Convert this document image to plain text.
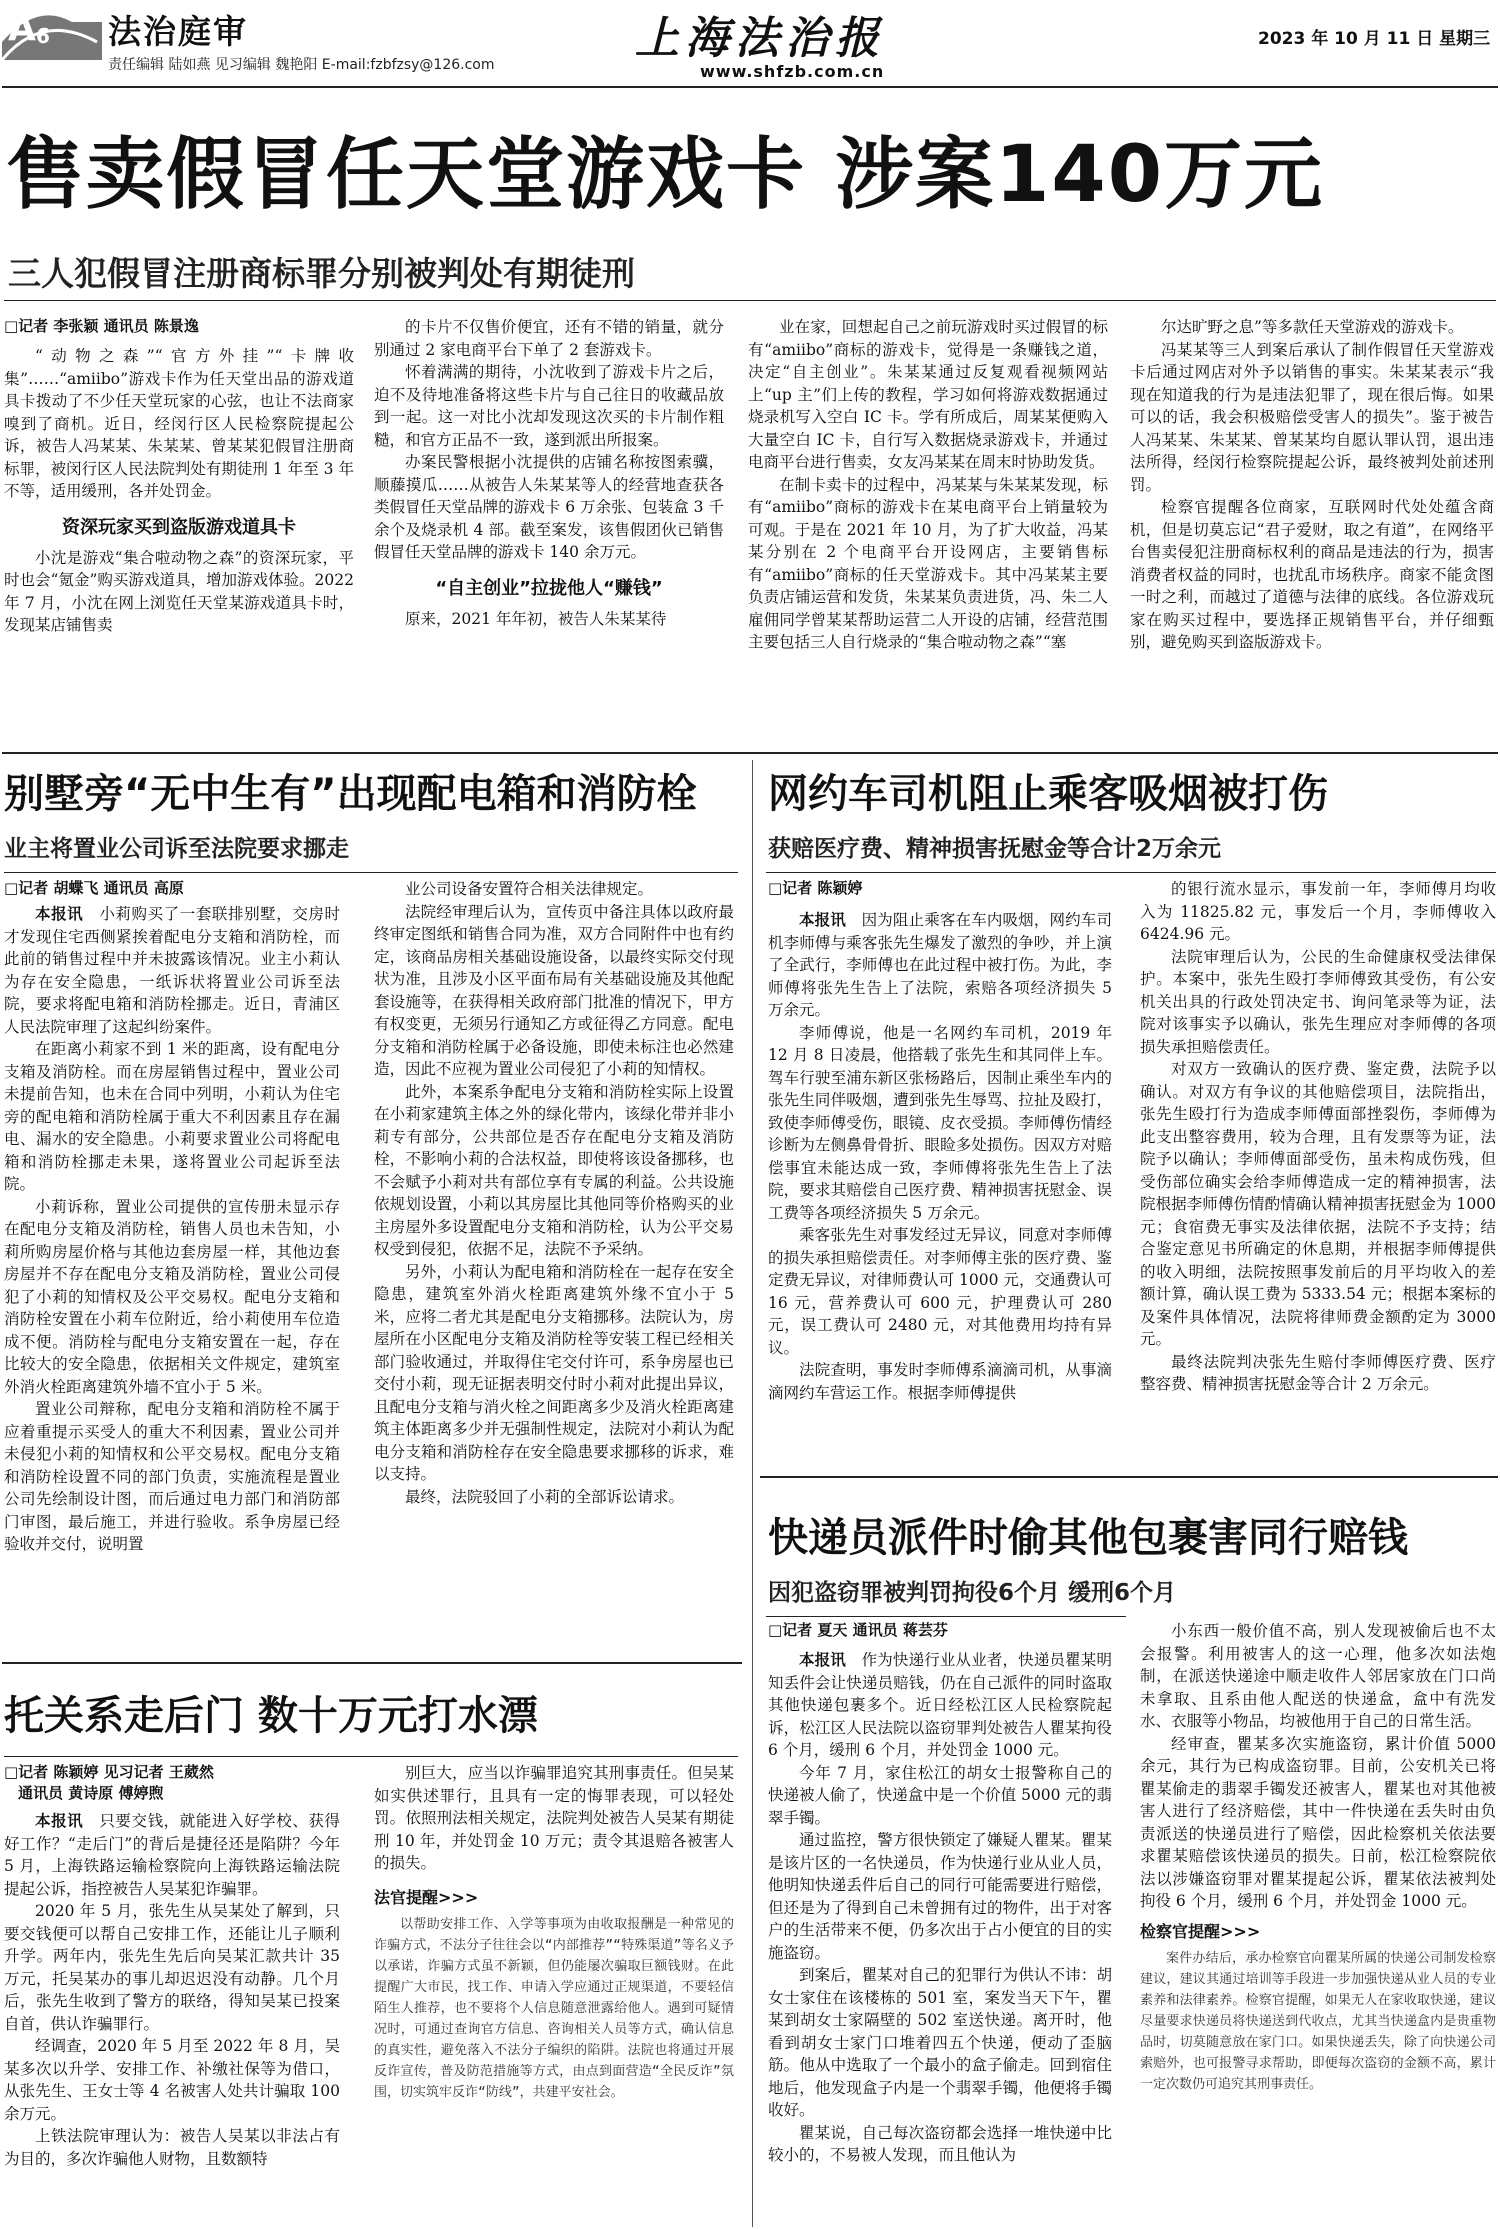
A 6 法治庭审
责任编辑 陆如燕 见习编辑 魏艳阳 E-mail:fzbfzsy@126.com
上海法治报
www.shfzb.com.cn
2023 年 10 月 11 日 星期三
售卖假冒任天堂游戏卡 涉案140万元
三人犯假冒注册商标罪分别被判处有期徒刑
□记者 李张颖 通讯员 陈景逸

“动物之森”“官方外挂”“卡牌收集”……“amiibo”游戏卡作为任天堂出品的游戏道具卡拨动了不少任天堂玩家的心弦，也让不法商家嗅到了商机。近日，经闵行区人民检察院提起公诉，被告人冯某某、朱某某、曾某某犯假冒注册商标罪，被闵行区人民法院判处有期徒刑 1 年至 3 年不等，适用缓刑，各并处罚金。

资深玩家买到盗版游戏道具卡

小沈是游戏“集合啦动物之森”的资深玩家，平时也会“氪金”购买游戏道具，增加游戏体验。2022 年 7 月，小沈在网上浏览任天堂某游戏道具卡时，发现某店铺售卖

的卡片不仅售价便宜，还有不错的销量，就分别通过 2 家电商平台下单了 2 套游戏卡。

怀着满满的期待，小沈收到了游戏卡片之后，迫不及待地准备将这些卡片与自己往日的收藏品放到一起。这一对比小沈却发现这次买的卡片制作粗糙，和官方正品不一致，遂到派出所报案。

办案民警根据小沈提供的店铺名称按图索骥，顺藤摸瓜……从被告人朱某某等人的经营地查获各类假冒任天堂品牌的游戏卡 6 万余张、包装盒 3 千余个及烧录机 4 部。截至案发，该售假团伙已销售假冒任天堂品牌的游戏卡 140 余万元。

“自主创业”拉拢他人“赚钱”

原来，2021 年年初，被告人朱某某待

业在家，回想起自己之前玩游戏时买过假冒的标有“amiibo”商标的游戏卡，觉得是一条赚钱之道，决定“自主创业”。朱某某通过反复观看视频网站上“up 主”们上传的教程，学习如何将游戏数据通过烧录机写入空白 IC 卡。学有所成后，周某某便购入大量空白 IC 卡，自行写入数据烧录游戏卡，并通过电商平台进行售卖，女友冯某某在周末时协助发货。

在制卡卖卡的过程中，冯某某与朱某某发现，标有“amiibo”商标的游戏卡在某电商平台上销量较为可观。于是在 2021 年 10 月，为了扩大收益，冯某某分别在 2 个电商平台开设网店，主要销售标有“amiibo”商标的任天堂游戏卡。其中冯某某主要负责店铺运营和发货，朱某某负责进货，冯、朱二人雇佣同学曾某某帮助运营二人开设的店铺，经营范围主要包括三人自行烧录的“集合啦动物之森”“塞

尔达旷野之息”等多款任天堂游戏的游戏卡。

冯某某等三人到案后承认了制作假冒任天堂游戏卡后通过网店对外予以销售的事实。朱某某表示“我现在知道我的行为是违法犯罪了，现在很后悔。如果可以的话，我会积极赔偿受害人的损失”。鉴于被告人冯某某、朱某某、曾某某均自愿认罪认罚，退出违法所得，经闵行检察院提起公诉，最终被判处前述刑罚。

检察官提醒各位商家，互联网时代处处蕴含商机，但是切莫忘记“君子爱财，取之有道”，在网络平台售卖侵犯注册商标权利的商品是违法的行为，损害消费者权益的同时，也扰乱市场秩序。商家不能贪图一时之利，而越过了道德与法律的底线。各位游戏玩家在购买过程中，要选择正规销售平台，并仔细甄别，避免购买到盗版游戏卡。

别墅旁“无中生有”出现配电箱和消防栓
业主将置业公司诉至法院要求挪走
□记者 胡蝶飞 通讯员 高原

本报讯　 小莉购买了一套联排别墅，交房时才发现住宅西侧紧挨着配电分支箱和消防栓，而此前的销售过程中并未披露该情况。业主小莉认为存在安全隐患，一纸诉状将置业公司诉至法院，要求将配电箱和消防栓挪走。近日，青浦区人民法院审理了这起纠纷案件。

在距离小莉家不到 1 米的距离，设有配电分支箱及消防栓。而在房屋销售过程中，置业公司未提前告知，也未在合同中列明，小莉认为住宅旁的配电箱和消防栓属于重大不利因素且存在漏电、漏水的安全隐患。小莉要求置业公司将配电箱和消防栓挪走未果，遂将置业公司起诉至法院。

小莉诉称，置业公司提供的宣传册未显示存在配电分支箱及消防栓，销售人员也未告知，小莉所购房屋价格与其他边套房屋一样，其他边套房屋并不存在配电分支箱及消防栓，置业公司侵犯了小莉的知情权及公平交易权。配电分支箱和消防栓安置在小莉车位附近，给小莉使用车位造成不便。消防栓与配电分支箱安置在一起，存在比较大的安全隐患，依据相关文件规定，建筑室外消火栓距离建筑外墙不宜小于 5 米。

置业公司辩称，配电分支箱和消防栓不属于应着重提示买受人的重大不利因素，置业公司并未侵犯小莉的知情权和公平交易权。配电分支箱和消防栓设置不同的部门负责，实施流程是置业公司先绘制设计图，而后通过电力部门和消防部门审图，最后施工，并进行验收。系争房屋已经验收并交付，说明置

业公司设备安置符合相关法律规定。

法院经审理后认为，宣传页中备注具体以政府最终审定图纸和销售合同为准，双方合同附件中也有约定，该商品房相关基础设施设备，以最终实际交付现状为准，且涉及小区平面布局有关基础设施及其他配套设施等，在获得相关政府部门批准的情况下，甲方有权变更，无须另行通知乙方或征得乙方同意。配电分支箱和消防栓属于必备设施，即使未标注也必然建造，因此不应视为置业公司侵犯了小莉的知情权。

此外，本案系争配电分支箱和消防栓实际上设置在小莉家建筑主体之外的绿化带内，该绿化带并非小莉专有部分，公共部位是否存在配电分支箱及消防栓，不影响小莉的合法权益，即使将该设备挪移，也不会赋予小莉对共有部位享有专属的利益。公共设施依规划设置，小莉以其房屋比其他同等价格购买的业主房屋外多设置配电分支箱和消防栓，认为公平交易权受到侵犯，依据不足，法院不予采纳。

另外，小莉认为配电箱和消防栓在一起存在安全隐患，建筑室外消火栓距离建筑外缘不宜小于 5 米，应将二者尤其是配电分支箱挪移。法院认为，房屋所在小区配电分支箱及消防栓等安装工程已经相关部门验收通过，并取得住宅交付许可，系争房屋也已交付小莉，现无证据表明交付时小莉对此提出异议，且配电分支箱与消火栓之间距离多少及消火栓距离建筑主体距离多少并无强制性规定，法院对小莉认为配电分支箱和消防栓存在安全隐患要求挪移的诉求，难以支持。

最终，法院驳回了小莉的全部诉讼请求。

网约车司机阻止乘客吸烟被打伤
获赔医疗费、精神损害抚慰金等合计2万余元
□记者 陈颖婷

本报讯　 因为阻止乘客在车内吸烟，网约车司机李师傅与乘客张先生爆发了激烈的争吵，并上演了全武行，李师傅也在此过程中被打伤。为此，李师傅将张先生告上了法院，索赔各项经济损失 5 万余元。

李师傅说，他是一名网约车司机，2019 年 12 月 8 日凌晨，他搭载了张先生和其同伴上车。驾车行驶至浦东新区张杨路后，因制止乘坐车内的张先生同伴吸烟，遭到张先生辱骂、拉扯及殴打，致使李师傅受伤，眼镜、皮衣受损。李师傅伤情经诊断为左侧鼻骨骨折、眼睑多处损伤。因双方对赔偿事宜未能达成一致，李师傅将张先生告上了法院，要求其赔偿自己医疗费、精神损害抚慰金、误工费等各项经济损失 5 万余元。

乘客张先生对事发经过无异议，同意对李师傅的损失承担赔偿责任。对李师傅主张的医疗费、鉴定费无异议，对律师费认可 1000 元，交通费认可 16 元，营养费认可 600 元，护理费认可 280 元，误工费认可 2480 元，对其他费用均持有异议。

法院查明，事发时李师傅系滴滴司机，从事滴滴网约车营运工作。根据李师傅提供

的银行流水显示，事发前一年，李师傅月均收入为 11825.82 元，事发后一个月，李师傅收入 6424.96 元。

法院审理后认为，公民的生命健康权受法律保护。本案中，张先生殴打李师傅致其受伤，有公安机关出具的行政处罚决定书、询问笔录等为证，法院对该事实予以确认，张先生理应对李师傅的各项损失承担赔偿责任。

对双方一致确认的医疗费、鉴定费，法院予以确认。对双方有争议的其他赔偿项目，法院指出，张先生殴打行为造成李师傅面部挫裂伤，李师傅为此支出整容费用，较为合理，且有发票等为证，法院予以确认；李师傅面部受伤，虽未构成伤残，但受伤部位确实会给李师傅造成一定的精神损害，法院根据李师傅伤情酌情确认精神损害抚慰金为 1000 元；食宿费无事实及法律依据，法院不予支持；结合鉴定意见书所确定的休息期，并根据李师傅提供的收入明细，法院按照事发前后的月平均收入的差额计算，确认误工费为 5333.54 元；根据本案标的及案件具体情况，法院将律师费金额酌定为 3000 元。

最终法院判决张先生赔付李师傅医疗费、医疗整容费、精神损害抚慰金等合计 2 万余元。

快递员派件时偷其他包裹害同行赔钱
因犯盗窃罪被判罚拘役6个月 缓刑6个月
□记者 夏天 通讯员 蒋芸芬

本报讯　 作为快递行业从业者，快递员瞿某明知丢件会让快递员赔钱，仍在自己派件的同时盗取其他快递包裹多个。近日经松江区人民检察院起诉，松江区人民法院以盗窃罪判处被告人瞿某拘役 6 个月，缓刑 6 个月，并处罚金 1000 元。

今年 7 月，家住松江的胡女士报警称自己的快递被人偷了，快递盒中是一个价值 5000 元的翡翠手镯。

通过监控，警方很快锁定了嫌疑人瞿某。瞿某是该片区的一名快递员，作为快递行业从业人员，他明知快递丢件后自己的同行可能需要进行赔偿，但还是为了得到自己未曾拥有过的物件，出于对客户的生活带来不便，仍多次出于占小便宜的目的实施盗窃。

到案后，瞿某对自己的犯罪行为供认不讳：胡女士家住在该楼栋的 501 室，案发当天下午，瞿某到胡女士家隔壁的 502 室送快递。离开时，他看到胡女士家门口堆着四五个快递，便动了歪脑筋。他从中选取了一个最小的盒子偷走。回到宿住地后，他发现盒子内是一个翡翠手镯，他便将手镯收好。

瞿某说，自己每次盗窃都会选择一堆快递中比较小的，不易被人发现，而且他认为

小东西一般价值不高，别人发现被偷后也不太会报警。利用被害人的这一心理，他多次如法炮制，在派送快递途中顺走收件人邻居家放在门口尚未拿取、且系由他人配送的快递盒，盒中有洗发水、衣服等小物品，均被他用于自己的日常生活。

经审查，瞿某多次实施盗窃，累计价值 5000 余元，其行为已构成盗窃罪。目前，公安机关已将瞿某偷走的翡翠手镯发还被害人，瞿某也对其他被害人进行了经济赔偿，其中一件快递在丢失时由负责派送的快递员进行了赔偿，因此检察机关依法要求瞿某赔偿该快递员的损失。日前，松江检察院依法以涉嫌盗窃罪对瞿某提起公诉，瞿某依法被判处拘役 6 个月，缓刑 6 个月，并处罚金 1000 元。

检察官提醒>>>

案件办结后，承办检察官向瞿某所属的快递公司制发检察建议，建议其通过培训等手段进一步加强快递从业人员的专业素养和法律素养。检察官提醒，如果无人在家收取快递，建议尽量要求快递员将快递送到代收点，尤其当快递盒内是贵重物品时，切莫随意放在家门口。如果快递丢失，除了向快递公司索赔外，也可报警寻求帮助，即便每次盗窃的金额不高，累计一定次数仍可追究其刑事责任。

托关系走后门 数十万元打水漂
□记者 陈颖婷 见习记者 王葳然
通讯员 黄诗原 傅婷煦

本报讯　 只要交钱，就能进入好学校、获得好工作？“走后门”的背后是捷径还是陷阱？今年 5 月，上海铁路运输检察院向上海铁路运输法院提起公诉，指控被告人吴某犯诈骗罪。

2020 年 5 月，张先生从吴某处了解到，只要交钱便可以帮自己安排工作，还能让儿子顺利升学。两年内，张先生先后向吴某汇款共计 35 万元，托吴某办的事儿却迟迟没有动静。几个月后，张先生收到了警方的联络，得知吴某已投案自首，供认诈骗罪行。

经调查，2020 年 5 月至 2022 年 8 月，吴某多次以升学、安排工作、补缴社保等为借口，从张先生、王女士等 4 名被害人处共计骗取 100 余万元。

上铁法院审理认为：被告人吴某以非法占有为目的，多次诈骗他人财物，且数额特

别巨大，应当以诈骗罪追究其刑事责任。但吴某如实供述罪行，且具有一定的悔罪表现，可以轻处罚。依照刑法相关规定，法院判处被告人吴某有期徒刑 10 年，并处罚金 10 万元；责令其退赔各被害人的损失。

法官提醒>>>

以帮助安排工作、入学等事项为由收取报酬是一种常见的诈骗方式，不法分子往往会以“内部推荐”“特殊渠道”等名义予以承诺，诈骗方式虽不新颖，但仍能屡次骗取巨额钱财。在此提醒广大市民，找工作、申请入学应通过正规渠道，不要轻信陌生人推荐，也不要将个人信息随意泄露给他人。遇到可疑情况时，可通过查询官方信息、咨询相关人员等方式，确认信息的真实性，避免落入不法分子编织的陷阱。法院也将通过开展反诈宣传，普及防范措施等方式，由点到面营造“全民反诈”氛围，切实筑牢反诈“防线”，共建平安社会。
